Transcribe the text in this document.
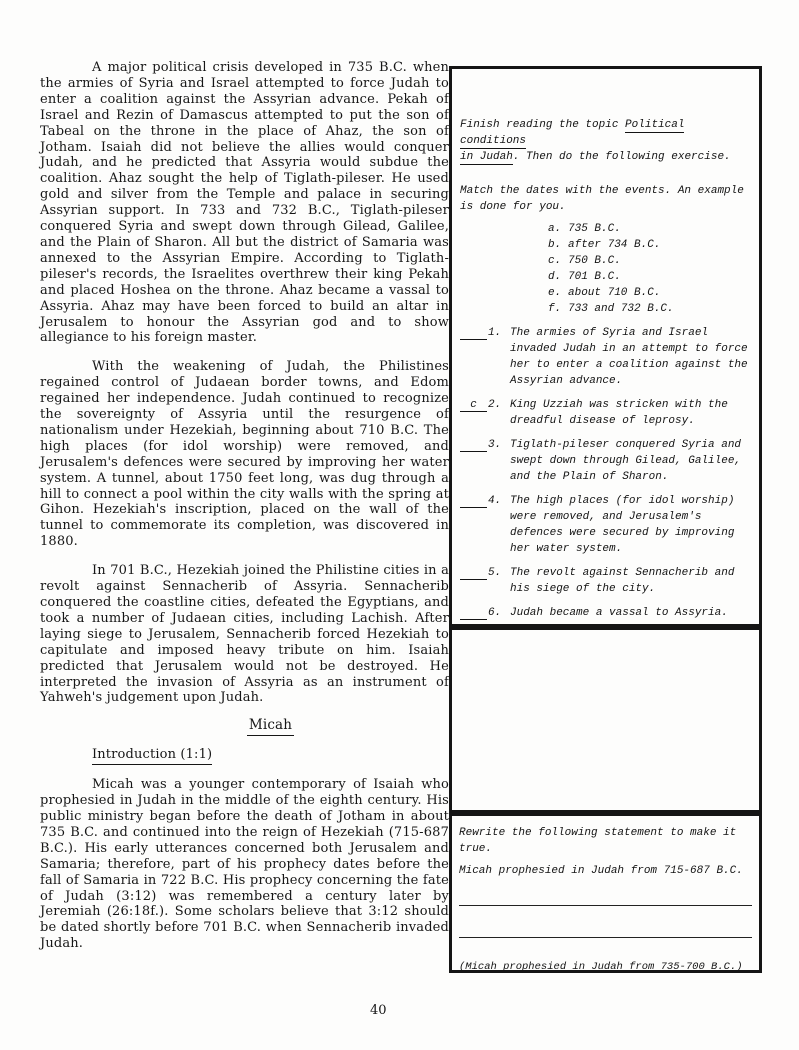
A major political crisis developed in 735 B.C. when the armies of Syria and Israel attempted to force Judah to enter a coalition against the Assyrian advance. Pekah of Israel and Rezin of Damascus attempted to put the son of Tabeal on the throne in the place of Ahaz, the son of Jotham. Isaiah did not believe the allies would conquer Judah, and he predicted that Assyria would subdue the coalition. Ahaz sought the help of Tiglath-pileser. He used gold and silver from the Temple and palace in securing Assyrian support. In 733 and 732 B.C., Tiglath-pileser conquered Syria and swept down through Gilead, Galilee, and the Plain of Sharon. All but the district of Samaria was annexed to the Assyrian Empire. According to Tiglath-pileser's records, the Israelites overthrew their king Pekah and placed Hoshea on the throne. Ahaz became a vassal to Assyria. Ahaz may have been forced to build an altar in Jerusalem to honour the Assyrian god and to show allegiance to his foreign master.

With the weakening of Judah, the Philistines regained control of Judaean border towns, and Edom regained her independence. Judah continued to recognize the sovereignty of Assyria until the resurgence of nationalism under Hezekiah, beginning about 710 B.C. The high places (for idol worship) were removed, and Jerusalem's defences were secured by improving her water system. A tunnel, about 1750 feet long, was dug through a hill to connect a pool within the city walls with the spring at Gihon. Hezekiah's inscription, placed on the wall of the tunnel to commemorate its completion, was discovered in 1880.

In 701 B.C., Hezekiah joined the Philistine cities in a revolt against Sennacherib of Assyria. Sennacherib conquered the coastline cities, defeated the Egyptians, and took a number of Judaean cities, including Lachish. After laying siege to Jerusalem, Sennacherib forced Hezekiah to capitulate and imposed heavy tribute on him. Isaiah predicted that Jerusalem would not be destroyed. He interpreted the invasion of Assyria as an instrument of Yahweh's judgement upon Judah.

Micah

Introduction (1:1)

Micah was a younger contemporary of Isaiah who prophesied in Judah in the middle of the eighth century. His public ministry began before the death of Jotham in about 735 B.C. and continued into the reign of Hezekiah (715-687 B.C.). His early utterances concerned both Jerusalem and Samaria; therefore, part of his prophecy dates before the fall of Samaria in 722 B.C. His prophecy concerning the fate of Judah (3:12) was remembered a century later by Jeremiah (26:18f.). Some scholars believe that 3:12 should be dated shortly before 701 B.C. when Sennacherib invaded Judah.

40
Finish reading the topic Political conditions
in Judah. Then do the following exercise.
Match the dates with the events. An example is done for you.
a. 735 B.C.
b. after 734 B.C.
c. 750 B.C.
d. 701 B.C.
e. about 710 B.C.
f. 733 and 732 B.C.
1. The armies of Syria and Israel invaded Judah in an attempt to force her to enter a coalition against the Assyrian advance.
c	2. King Uzziah was stricken with the dreadful disease of leprosy.
3. Tiglath-pileser conquered Syria and swept down through Gilead, Galilee, and the Plain of Sharon.
4. The high places (for idol worship) were removed, and Jerusalem's defences were secured by improving her water system.
5. The revolt against Sennacherib and his siege of the city.
6. Judah became a vassal to Assyria.
Rewrite the following statement to make it true.
Micah prophesied in Judah from 715-687 B.C.
(Micah prophesied in Judah from 735-700 B.C.)
